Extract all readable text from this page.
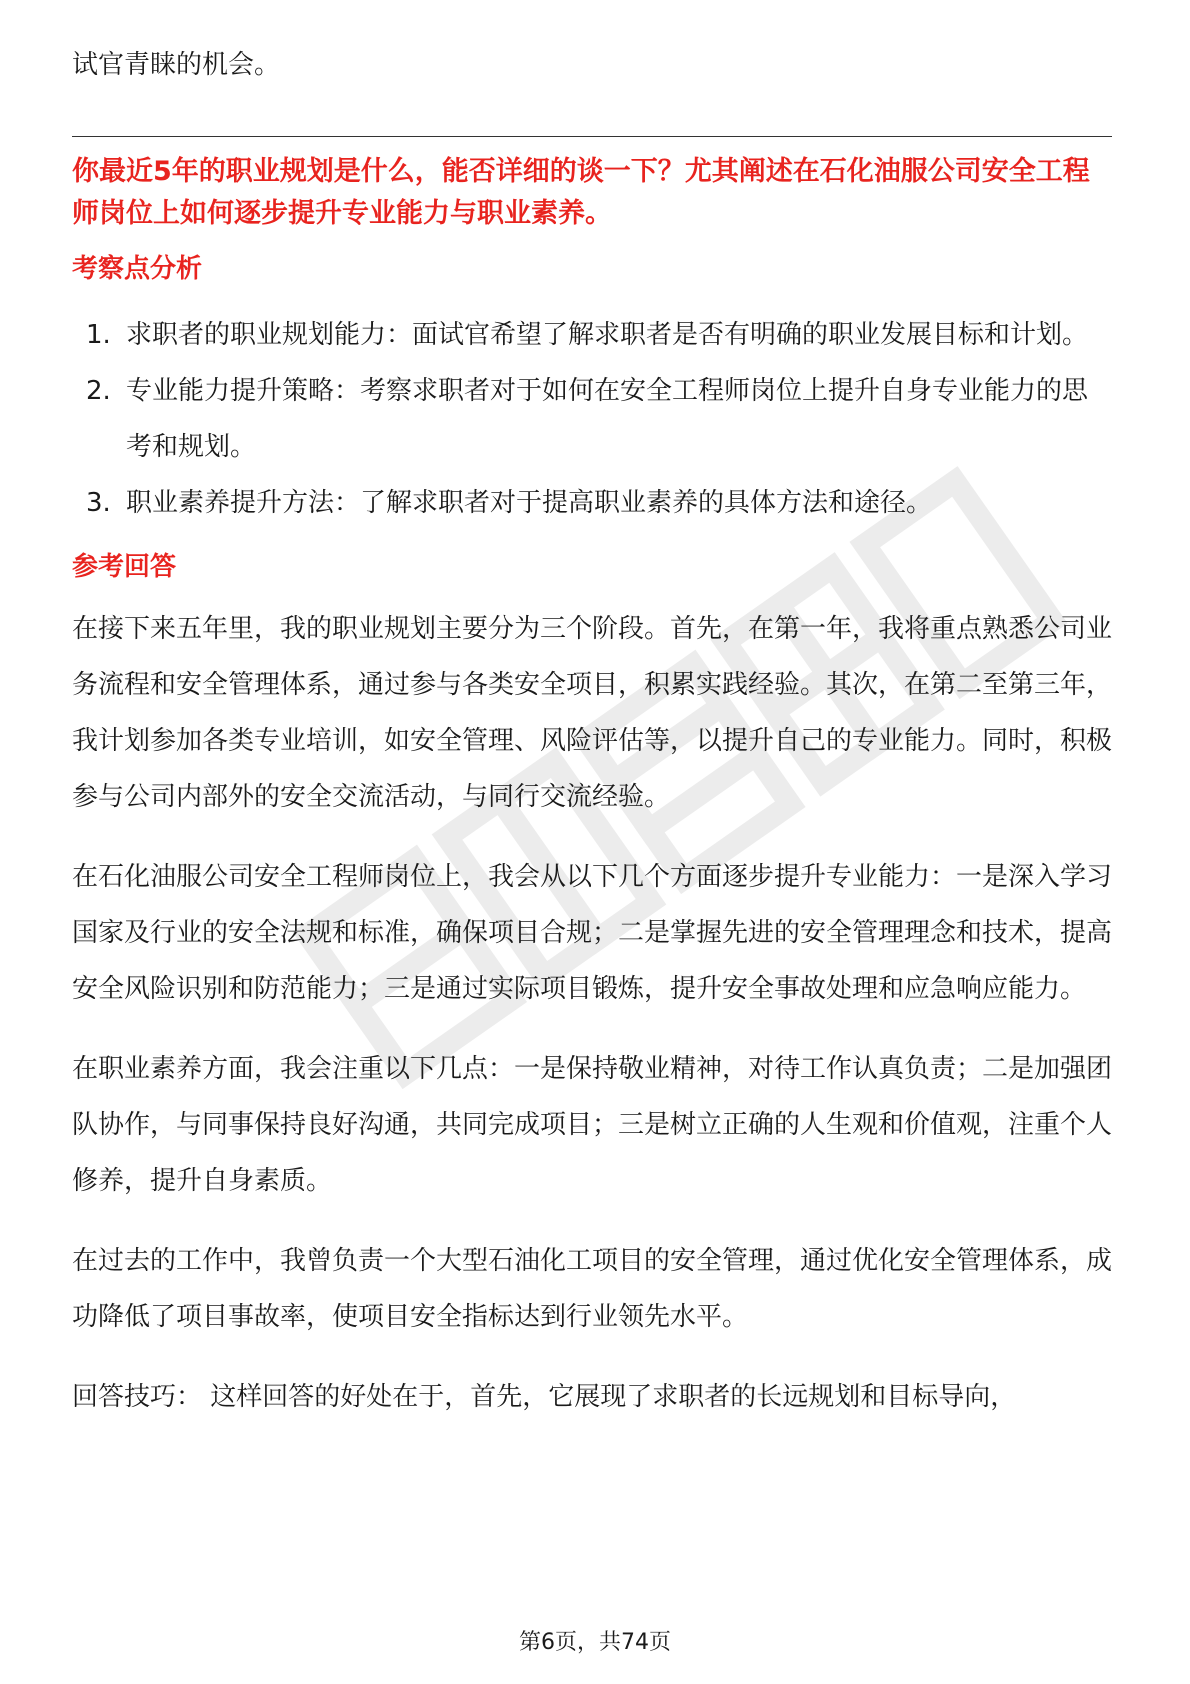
试官青睐的机会。

你最近5年的职业规划是什么，能否详细的谈一下？尤其阐述在石化油服公司安全工程师岗位上如何逐步提升专业能力与职业素养。

考察点分析
1. 求职者的职业规划能力：面试官希望了解求职者是否有明确的职业发展目标和计划。
2. 专业能力提升策略：考察求职者对于如何在安全工程师岗位上提升自身专业能力的思考和规划。
3. 职业素养提升方法：了解求职者对于提高职业素养的具体方法和途径。
参考回答

在接下来五年里，我的职业规划主要分为三个阶段。首先，在第一年，我将重点熟悉公司业务流程和安全管理体系，通过参与各类安全项目，积累实践经验。其次，在第二至第三年，我计划参加各类专业培训，如安全管理、风险评估等，以提升自己的专业能力。同时，积极参与公司内部外的安全交流活动，与同行交流经验。

在石化油服公司安全工程师岗位上，我会从以下几个方面逐步提升专业能力：一是深入学习国家及行业的安全法规和标准，确保项目合规；二是掌握先进的安全管理理念和技术，提高安全风险识别和防范能力；三是通过实际项目锻炼，提升安全事故处理和应急响应能力。

在职业素养方面，我会注重以下几点：一是保持敬业精神，对待工作认真负责；二是加强团队协作，与同事保持良好沟通，共同完成项目；三是树立正确的人生观和价值观，注重个人修养，提升自身素质。

在过去的工作中，我曾负责一个大型石油化工项目的安全管理，通过优化安全管理体系，成功降低了项目事故率，使项目安全指标达到行业领先水平。

回答技巧： 这样回答的好处在于，首先，它展现了求职者的长远规划和目标导向，

第6页，共74页
